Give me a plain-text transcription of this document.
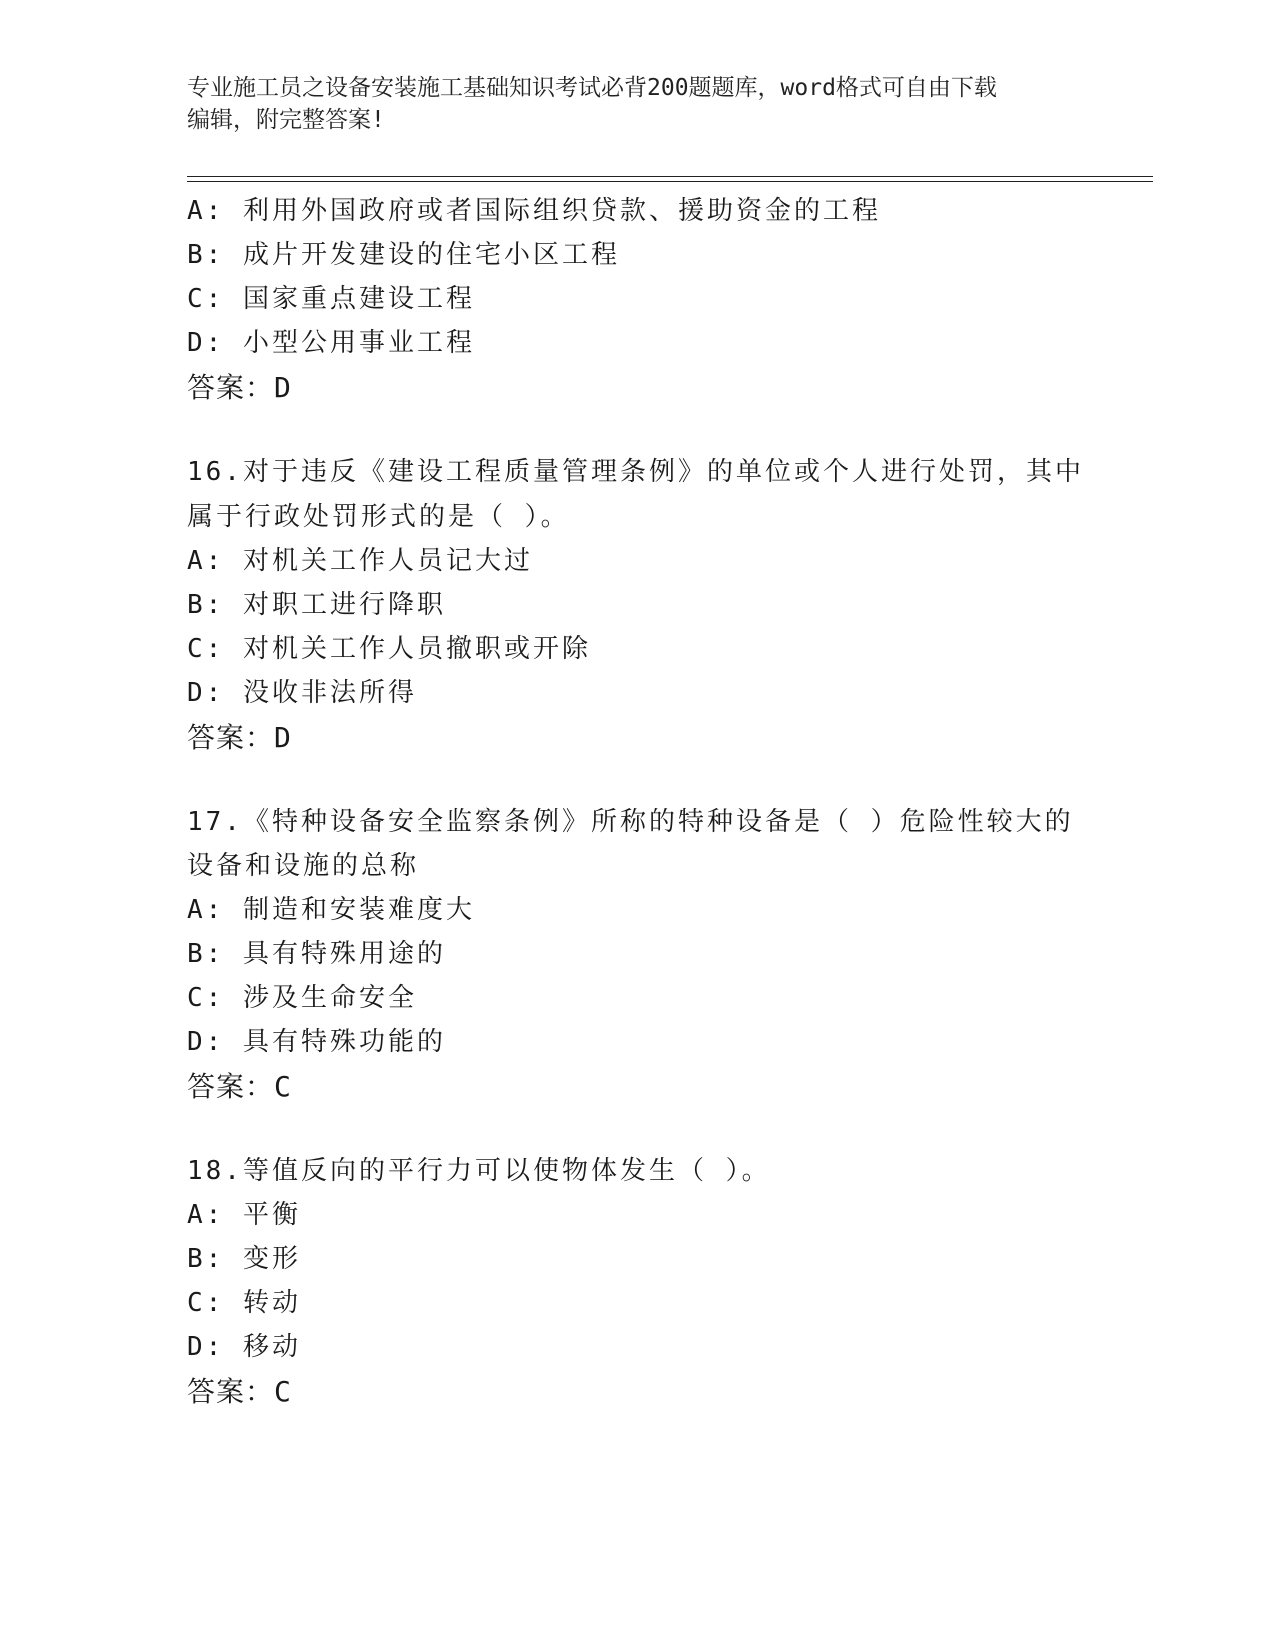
专业施工员之设备安装施工基础知识考试必背200题题库，word格式可自由下载
编辑，附完整答案!
A: 利用外国政府或者国际组织贷款、援助资金的工程
B: 成片开发建设的住宅小区工程
C: 国家重点建设工程
D: 小型公用事业工程
答案：D
16.对于违反《建设工程质量管理条例》的单位或个人进行处罚，其中
属于行政处罚形式的是（ ）。
A: 对机关工作人员记大过
B: 对职工进行降职
C: 对机关工作人员撤职或开除
D: 没收非法所得
答案：D
17.《特种设备安全监察条例》所称的特种设备是（ ）危险性较大的
设备和设施的总称
A: 制造和安装难度大
B: 具有特殊用途的
C: 涉及生命安全
D: 具有特殊功能的
答案：C
18.等值反向的平行力可以使物体发生（ ）。
A: 平衡
B: 变形
C: 转动
D: 移动
答案：C
